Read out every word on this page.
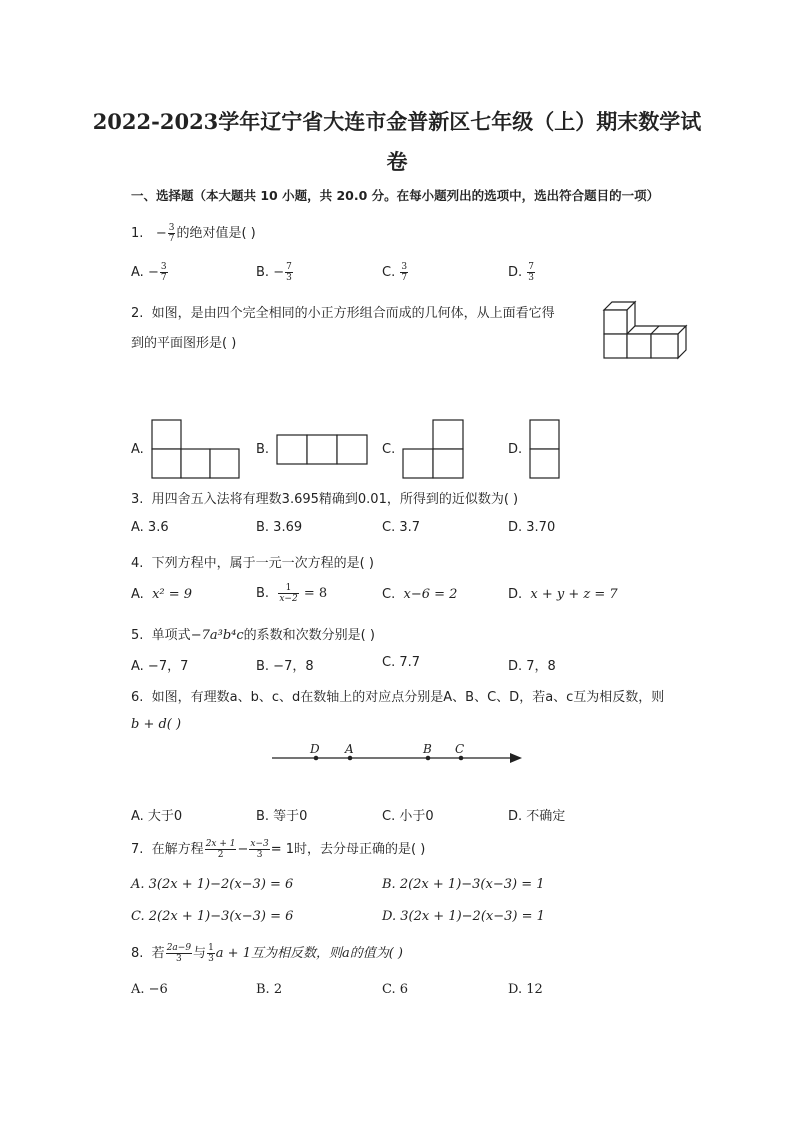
2022-2023学年辽宁省大连市金普新区七年级（上）期末数学试
卷
一、选择题（本大题共 10 小题，共 20.0 分。在每小题列出的选项中，选出符合题目的一项）
1. − $\frac{3}{7}$ 的绝对值是( )
A. − $\frac{3}{7}$	B. − $\frac{7}{3}$	C. $\frac{3}{7}$	D. $\frac{7}{3}$
2. 如图，是由四个完全相同的小正方形组合而成的几何体，从上面看它得
到的平面图形是( )
A.	B.	C.	D.
3. 用四舍五入法将有理数3.695精确到0.01，所得到的近似数为( )
A. 3.6	B. 3.69	C. 3.7	D. 3.70
4. 下列方程中，属于一元一次方程的是( )
A. x² = 9	B. $\frac{1}{x-2} = 8$	C. x−6 = 2	D. x + y + z = 7
5. 单项式−7a³b⁴c的系数和次数分别是( )
A. −7，7	B. −7，8	C. 7.7	D. 7，8
6. 如图，有理数a、b、c、d在数轴上的对应点分别是A、B、C、D，若a、c互为相反数，则
b + d( )
D A	B C
A. 大于0	B. 等于0	C. 小于0	D. 不确定
7. 在解方程 $\frac{2x + 1}{2} - \frac{x-3}{3} = 1$时，去分母正确的是( )
A. 3(2x + 1)−2(x−3) = 6	B. 2(2x + 1)−3(x−3) = 1
C. 2(2x + 1)−3(x−3) = 6	D. 3(2x + 1)−2(x−3) = 1
8. 若 $\frac{2a-9}{3}$ 与 $\frac{1}{3}$ a + 1互为相反数，则a的值为( )
A. −6	B. 2	C. 6	D. 12
